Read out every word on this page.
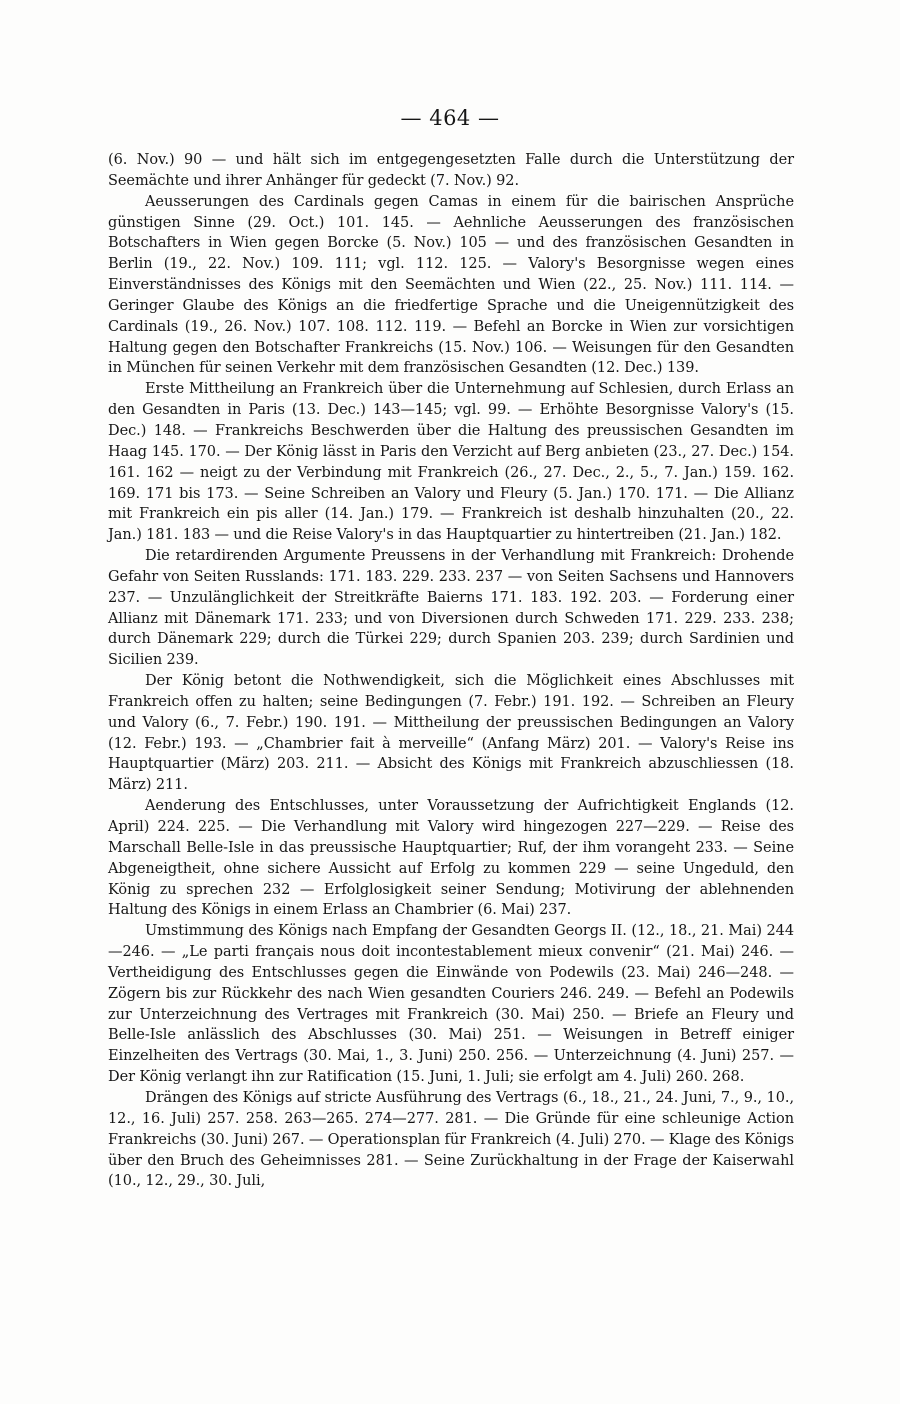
— 464 —

(6. Nov.) 90 — und hält sich im entgegengesetzten Falle durch die Unterstützung der Seemächte und ihrer Anhänger für gedeckt (7. Nov.) 92.

Aeusserungen des Cardinals gegen Camas in einem für die bairischen Ansprüche günstigen Sinne (29. Oct.) 101. 145. — Aehnliche Aeusserungen des französischen Botschafters in Wien gegen Borcke (5. Nov.) 105 — und des französischen Gesandten in Berlin (19., 22. Nov.) 109. 111; vgl. 112. 125. — Valory's Besorgnisse wegen eines Einverständnisses des Königs mit den Seemächten und Wien (22., 25. Nov.) 111. 114. — Geringer Glaube des Königs an die friedfertige Sprache und die Uneigennützigkeit des Cardinals (19., 26. Nov.) 107. 108. 112. 119. — Befehl an Borcke in Wien zur vorsichtigen Haltung gegen den Botschafter Frankreichs (15. Nov.) 106. — Weisungen für den Gesandten in München für seinen Verkehr mit dem französischen Gesandten (12. Dec.) 139.

Erste Mittheilung an Frankreich über die Unternehmung auf Schlesien, durch Erlass an den Gesandten in Paris (13. Dec.) 143—145; vgl. 99. — Erhöhte Besorgnisse Valory's (15. Dec.) 148. — Frankreichs Beschwerden über die Haltung des preussischen Gesandten im Haag 145. 170. — Der König lässt in Paris den Verzicht auf Berg anbieten (23., 27. Dec.) 154. 161. 162 — neigt zu der Verbindung mit Frankreich (26., 27. Dec., 2., 5., 7. Jan.) 159. 162. 169. 171 bis 173. — Seine Schreiben an Valory und Fleury (5. Jan.) 170. 171. — Die Allianz mit Frankreich ein pis aller (14. Jan.) 179. — Frankreich ist deshalb hinzuhalten (20., 22. Jan.) 181. 183 — und die Reise Valory's in das Hauptquartier zu hintertreiben (21. Jan.) 182.

Die retardirenden Argumente Preussens in der Verhandlung mit Frankreich: Drohende Gefahr von Seiten Russlands: 171. 183. 229. 233. 237 — von Seiten Sachsens und Hannovers 237. — Unzulänglichkeit der Streitkräfte Baierns 171. 183. 192. 203. — Forderung einer Allianz mit Dänemark 171. 233; und von Diversionen durch Schweden 171. 229. 233. 238; durch Dänemark 229; durch die Türkei 229; durch Spanien 203. 239; durch Sardinien und Sicilien 239.

Der König betont die Nothwendigkeit, sich die Möglichkeit eines Abschlusses mit Frankreich offen zu halten; seine Bedingungen (7. Febr.) 191. 192. — Schreiben an Fleury und Valory (6., 7. Febr.) 190. 191. — Mittheilung der preussischen Bedingungen an Valory (12. Febr.) 193. — „Chambrier fait à merveille“ (Anfang März) 201. — Valory's Reise ins Hauptquartier (März) 203. 211. — Absicht des Königs mit Frankreich abzuschliessen (18. März) 211.

Aenderung des Entschlusses, unter Voraussetzung der Aufrichtigkeit Englands (12. April) 224. 225. — Die Verhandlung mit Valory wird hingezogen 227—229. — Reise des Marschall Belle-Isle in das preussische Hauptquartier; Ruf, der ihm vorangeht 233. — Seine Abgeneigtheit, ohne sichere Aussicht auf Erfolg zu kommen 229 — seine Ungeduld, den König zu sprechen 232 — Erfolglosigkeit seiner Sendung; Motivirung der ablehnenden Haltung des Königs in einem Erlass an Chambrier (6. Mai) 237.

Umstimmung des Königs nach Empfang der Gesandten Georgs II. (12., 18., 21. Mai) 244—246. — „Le parti français nous doit incontestablement mieux convenir“ (21. Mai) 246. — Vertheidigung des Entschlusses gegen die Einwände von Podewils (23. Mai) 246—248. — Zögern bis zur Rückkehr des nach Wien gesandten Couriers 246. 249. — Befehl an Podewils zur Unterzeichnung des Vertrages mit Frankreich (30. Mai) 250. — Briefe an Fleury und Belle-Isle anlässlich des Abschlusses (30. Mai) 251. — Weisungen in Betreff einiger Einzelheiten des Vertrags (30. Mai, 1., 3. Juni) 250. 256. — Unterzeichnung (4. Juni) 257. — Der König verlangt ihn zur Ratification (15. Juni, 1. Juli; sie erfolgt am 4. Juli) 260. 268.

Drängen des Königs auf stricte Ausführung des Vertrags (6., 18., 21., 24. Juni, 7., 9., 10., 12., 16. Juli) 257. 258. 263—265. 274—277. 281. — Die Gründe für eine schleunige Action Frankreichs (30. Juni) 267. — Operationsplan für Frankreich (4. Juli) 270. — Klage des Königs über den Bruch des Geheimnisses 281. — Seine Zurückhaltung in der Frage der Kaiserwahl (10., 12., 29., 30. Juli,
